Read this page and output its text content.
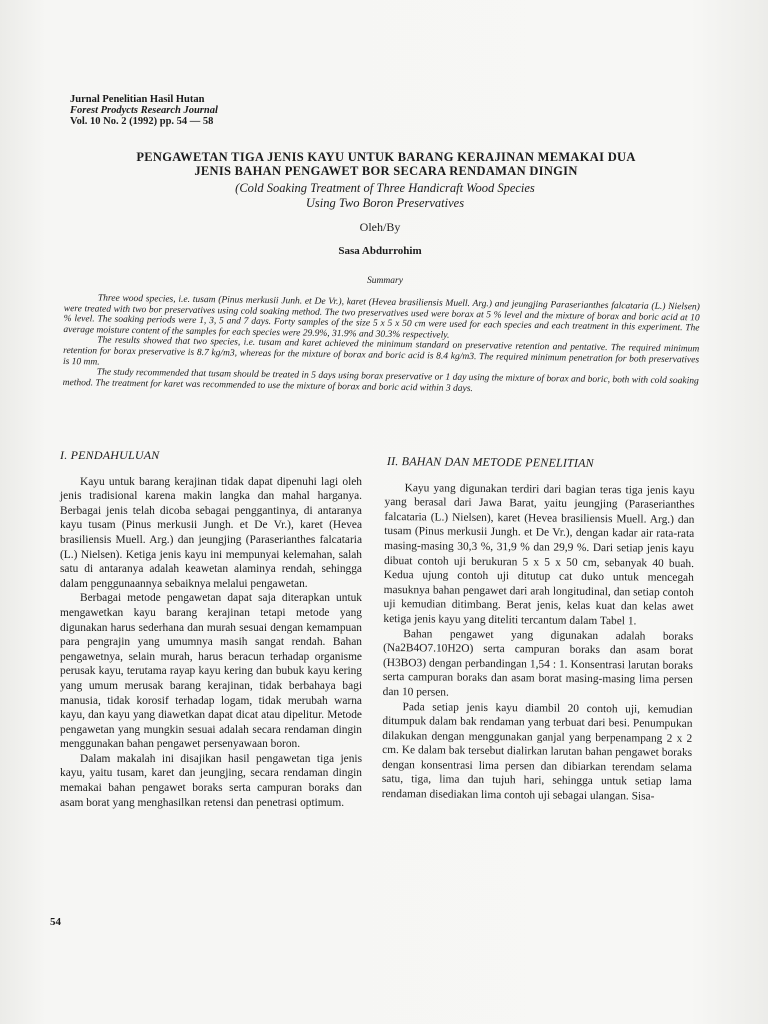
Jurnal Penelitian Hasil Hutan
Forest Prodycts Research Journal
Vol. 10 No. 2 (1992) pp. 54 — 58
PENGAWETAN TIGA JENIS KAYU UNTUK BARANG KERAJINAN MEMAKAI DUA
JENIS BAHAN PENGAWET BOR SECARA RENDAMAN DINGIN
(Cold Soaking Treatment of Three Handicraft Wood Species
Using Two Boron Preservatives
Oleh/By
Sasa Abdurrohim
Summary

Three wood species, i.e. tusam (Pinus merkusii Junh. et De Vr.), karet (Hevea brasiliensis Muell. Arg.) and jeungjing Paraserianthes falcataria (L.) Nielsen) were treated with two bor preservatives using cold soaking method. The two preservatives used were borax at 5 % level and the mixture of borax and boric acid at 10 % level. The soaking periods were 1, 3, 5 and 7 days. Forty samples of the size 5 x 5 x 50 cm were used for each species and each treatment in this experiment. The average moisture content of the samples for each species were 29.9%, 31.9% and 30.3% respectively.

The results showed that two species, i.e. tusam and karet achieved the minimum standard on preservative retention and pentative. The required minimum retention for borax preservative is 8.7 kg/m3, whereas for the mixture of borax and boric acid is 8.4 kg/m3. The required minimum penetration for both preservatives is 10 mm.

The study recommended that tusam should be treated in 5 days using borax preservative or 1 day using the mixture of borax and boric, both with cold soaking method. The treatment for karet was recommended to use the mixture of borax and boric acid within 3 days.

I. PENDAHULUAN

Kayu untuk barang kerajinan tidak dapat dipenuhi lagi oleh jenis tradisional karena makin langka dan mahal harganya. Berbagai jenis telah dicoba sebagai penggantinya, di antaranya kayu tusam (Pinus merkusii Jungh. et De Vr.), karet (Hevea brasiliensis Muell. Arg.) dan jeungjing (Paraserianthes falcataria (L.) Nielsen). Ketiga jenis kayu ini mempunyai kelemahan, salah satu di antaranya adalah keawetan alaminya rendah, sehingga dalam penggunaannya sebaiknya melalui pengawetan.

Berbagai metode pengawetan dapat saja diterapkan untuk mengawetkan kayu barang kerajinan tetapi metode yang digunakan harus sederhana dan murah sesuai dengan kemampuan para pengrajin yang umumnya masih sangat rendah. Bahan pengawetnya, selain murah, harus beracun terhadap organisme perusak kayu, terutama rayap kayu kering dan bubuk kayu kering yang umum merusak barang kerajinan, tidak berbahaya bagi manusia, tidak korosif terhadap logam, tidak merubah warna kayu, dan kayu yang diawetkan dapat dicat atau dipelitur. Metode pengawetan yang mungkin sesuai adalah secara rendaman dingin menggunakan bahan pengawet persenyawaan boron.

Dalam makalah ini disajikan hasil pengawetan tiga jenis kayu, yaitu tusam, karet dan jeungjing, secara rendaman dingin memakai bahan pengawet boraks serta campuran boraks dan asam borat yang menghasilkan retensi dan penetrasi optimum.

II. BAHAN DAN METODE PENELITIAN

Kayu yang digunakan terdiri dari bagian teras tiga jenis kayu yang berasal dari Jawa Barat, yaitu jeungjing (Paraserianthes falcataria (L.) Nielsen), karet (Hevea brasiliensis Muell. Arg.) dan tusam (Pinus merkusii Jungh. et De Vr.), dengan kadar air rata-rata masing-masing 30,3 %, 31,9 % dan 29,9 %. Dari setiap jenis kayu dibuat contoh uji berukuran 5 x 5 x 50 cm, sebanyak 40 buah. Kedua ujung contoh uji ditutup cat duko untuk mencegah masuknya bahan pengawet dari arah longitudinal, dan setiap contoh uji kemudian ditimbang. Berat jenis, kelas kuat dan kelas awet ketiga jenis kayu yang diteliti tercantum dalam Tabel 1.

Bahan pengawet yang digunakan adalah boraks (Na2B4O7.10H2O) serta campuran boraks dan asam borat (H3BO3) dengan perbandingan 1,54 : 1. Konsentrasi larutan boraks serta campuran boraks dan asam borat masing-masing lima persen dan 10 persen.

Pada setiap jenis kayu diambil 20 contoh uji, kemudian ditumpuk dalam bak rendaman yang terbuat dari besi. Penumpukan dilakukan dengan menggunakan ganjal yang berpenampang 2 x 2 cm. Ke dalam bak tersebut dialirkan larutan bahan pengawet boraks dengan konsentrasi lima persen dan dibiarkan terendam selama satu, tiga, lima dan tujuh hari, sehingga untuk setiap lama rendaman disediakan lima contoh uji sebagai ulangan. Sisa-

54
